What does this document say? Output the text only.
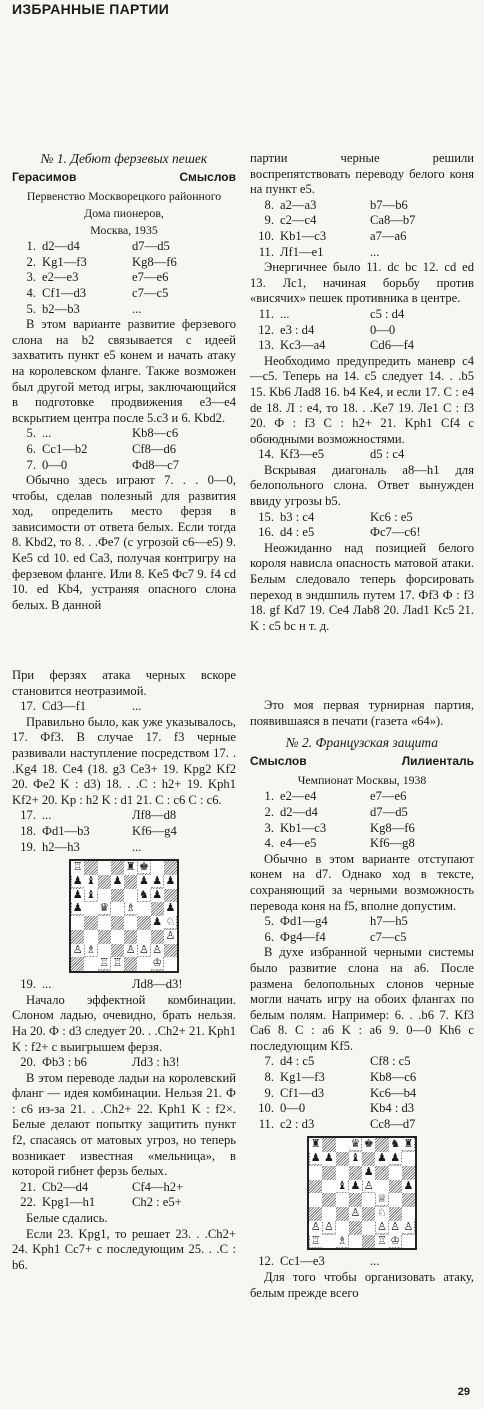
ИЗБРАННЫЕ ПАРТИИ
№ 1. Дебют ферзевых пешек
Герасимов	Смыслов

Первенство Москворецкого районного

Дома пионеров,

Москва, 1935

1. d2—d4	d7—d5
2. Kg1—f3	Kg8—f6
3. e2—e3	e7—e6
4. Cf1—d3	c7—c5
5. b2—b3	...

В этом варианте развитие ферзевого слона на b2 связывается с идеей захватить пункт e5 конем и начать атаку на королевском фланге. Также возможен был другой метод игры, заключающийся в подготовке продвижения e3—e4 вскрытием центра после 5.c3 и 6. Kbd2.

5. ...	Kb8—c6
6. Cc1—b2	Cf8—d6
7. 0—0	Фd8—c7

Обычно здесь играют 7. . . 0—0, чтобы, сделав полезный для развития ход, определить место ферзя в зависимости от ответа белых. Если тогда 8. Kbd2, то 8. . .Фe7 (с угрозой c6—e5) 9. Ke5 cd 10. ed Ca3, получая контригру на ферзевом фланге. Или 8. Ke5 Фc7 9. f4 cd 10. ed Kb4, устраняя опасного слона белых. В данной

партии черные решили воспрепятствовать переводу белого коня на пункт e5.

8. a2—a3	b7—b6
9. c2—c4	Ca8—b7
10. Kb1—c3	a7—a6
11. Лf1—e1	...

Энергичнее было 11. dc bc 12. cd ed 13. Лс1, начиная борьбу против «висячих» пешек противника в центре.

11. ...	c5 : d4
12. e3 : d4	0—0
13. Kc3—a4	Cd6—f4

Необходимо предупредить маневр c4—c5. Теперь на 14. c5 следует 14. . .b5 15. Kb6 Лad8 16. b4 Ke4, и если 17. C : e4 de 18. Л : e4, то 18. . .Ke7 19. Лe1 C : f3 20. Ф : f3 C : h2+ 21. Kph1 Cf4 с обоюдными возможностями.

14. Kf3—e5	d5 : c4

Вскрывая диагональ a8—h1 для белопольного слона. Ответ вынужден ввиду угрозы b5.

15. b3 : c4	Kc6 : e5
16. d4 : e5	Фc7—c6!

Неожиданно над позицией белого короля нависла опасность матовой атаки. Белым следовало теперь форсировать переход в эндшпиль путем 17. Фf3 Ф : f3 18. gf Kd7 19. Ce4 Лab8 20. Лad1 Kc5 21. K : c5 bc н т. д.

При ферзях атака черных вскоре становится неотразимой.

17. Cd3—f1	...

Правильно было, как уже указывалось, 17. Фf3. В случае 17. f3 черные развивали наступление посредством 17. . .Kg4 18. Ce4 (18. g3 Ce3+ 19. Kpg2 Kf2 20. Фe2 K : d3) 18. . .C : h2+ 19. Kph1 Kf2+ 20. Kp : h2 K : d1 21. C : c6 C : c6.

17. ...	Лf8—d8
18. Фd1—b3	Kf6—g4
19. h2—h3	...
♖	♜ ♚
♟ ♝ ♟ ♟ ♟ ♟
♟ ♝	♞ ♟
♟ ♛ ♗	♟
♟ ♘
♙
♙ ♗	♙ ♙ ♙
♖ ♖	♔
19. ...	Лd8—d3!

Начало эффектной комбинации. Слоном ладью, очевидно, брать нельзя. На 20. Ф : d3 следует 20. . .Ch2+ 21. Kph1 K : f2+ с выигрышем ферзя.

20. Фb3 : b6	Лd3 : h3!

В этом переводе ладьи на королевский фланг — идея комбинации. Нельзя 21. Ф : c6 из-за 21. . .Ch2+ 22. Kph1 K : f2×. Белые делают попытку защитить пункт f2, спасаясь от матовых угроз, но теперь возникает известная «мельница», в которой гибнет ферзь белых.

21. Cb2—d4	Cf4—h2+
22. Kpg1—h1	Ch2 : e5+

Белые сдались.

Если 23. Kpg1, то решает 23. . .Ch2+ 24. Kph1 Cc7+ с последующим 25. . .C : b6.

Это моя первая турнирная партия, появившаяся в печати (газета «64»).

№ 2. Французская защита
Смыслов	Лилиенталь

Чемпионат Москвы, 1938

1. e2—e4	e7—e6
2. d2—d4	d7—d5
3. Kb1—c3	Kg8—f6
4. e4—e5	Kf6—g8

Обычно в этом варианте отступают конем на d7. Однако ход в тексте, сохраняющий за черными возможность перевода коня на f5, вполне допустим.

5. Фd1—g4	h7—h5
6. Фg4—f4	c7—c5

В духе избранной черными системы было развитие слона на a6. После размена белопольных слонов черные могли начать игру на обоих флангах по белым полям. Например: 6. . .b6 7. Kf3 Ca6 8. C : a6 K : a6 9. 0—0 Kh6 с последующим Kf5.

7. d4 : c5	Cf8 : c5
8. Kg1—f3	Kb8—c6
9. Cf1—d3	Kc6—b4
10. 0—0	Kb4 : d3
11. c2 : d3	Cc8—d7
♜	♛ ♚ ♞ ♜
♟ ♟ ♝ ♟ ♟
♟
♝ ♟ ♙	♟
♕
♙ ♘
♙ ♙	♙ ♙ ♙
♖ ♗	♖ ♔
12. Cc1—e3	...

Для того чтобы организовать атаку, белым прежде всего

29
